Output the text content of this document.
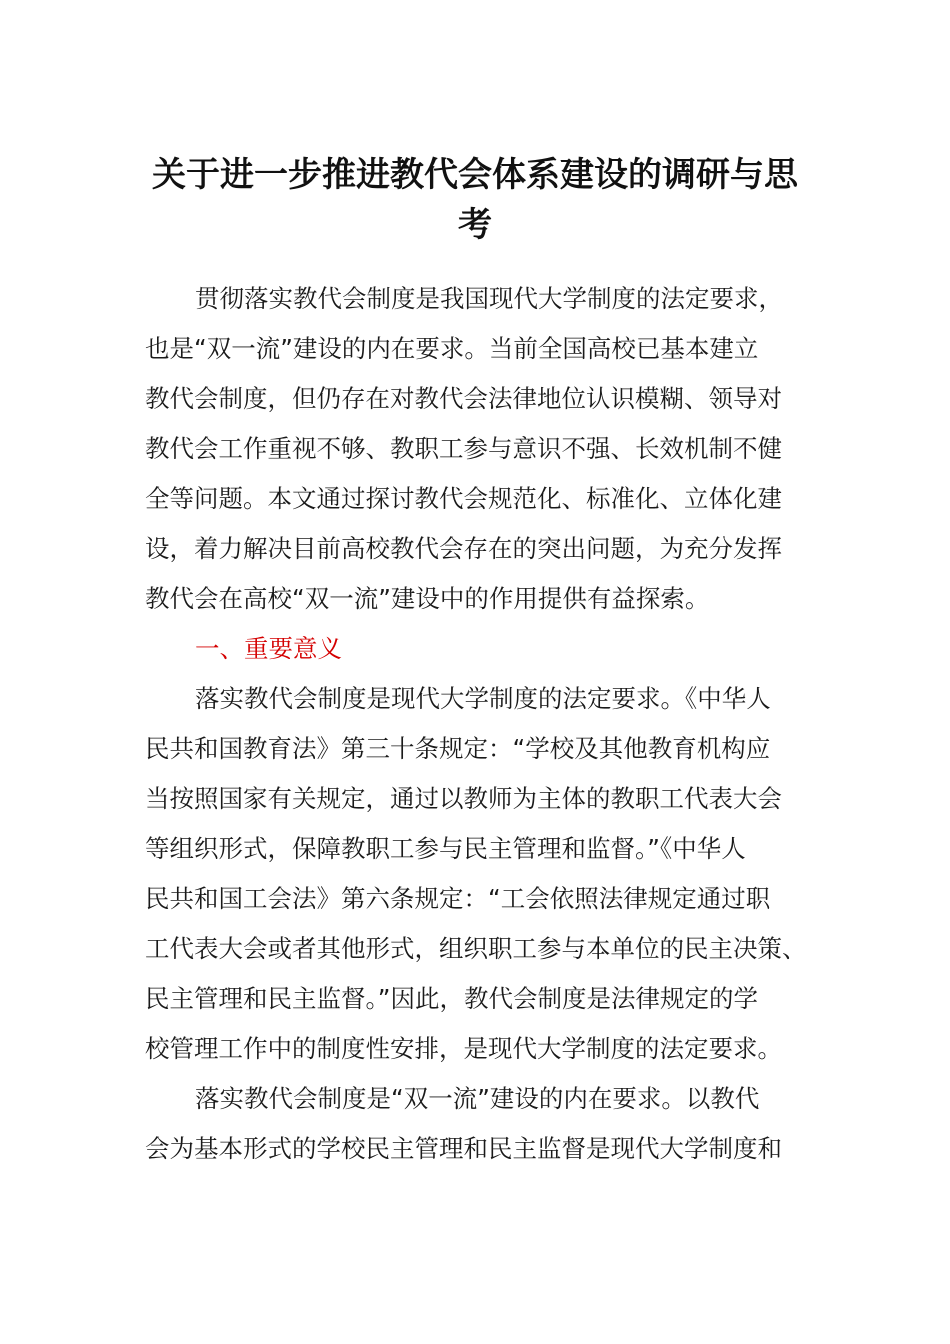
关于进一步推进教代会体系建设的调研与思
考
贯彻落实教代会制度是我国现代大学制度的法定要求，
也是“双一流”建设的内在要求。当前全国高校已基本建立
教代会制度，但仍存在对教代会法律地位认识模糊、领导对
教代会工作重视不够、教职工参与意识不强、长效机制不健
全等问题。本文通过探讨教代会规范化、标准化、立体化建
设，着力解决目前高校教代会存在的突出问题，为充分发挥
教代会在高校“双一流”建设中的作用提供有益探索。
一、重要意义
落实教代会制度是现代大学制度的法定要求。《中华人
民共和国教育法》第三十条规定：“学校及其他教育机构应
当按照国家有关规定，通过以教师为主体的教职工代表大会
等组织形式，保障教职工参与民主管理和监督。”《中华人
民共和国工会法》第六条规定：“工会依照法律规定通过职
工代表大会或者其他形式，组织职工参与本单位的民主决策、
民主管理和民主监督。”因此，教代会制度是法律规定的学
校管理工作中的制度性安排，是现代大学制度的法定要求。
落实教代会制度是“双一流”建设的内在要求。以教代
会为基本形式的学校民主管理和民主监督是现代大学制度和
